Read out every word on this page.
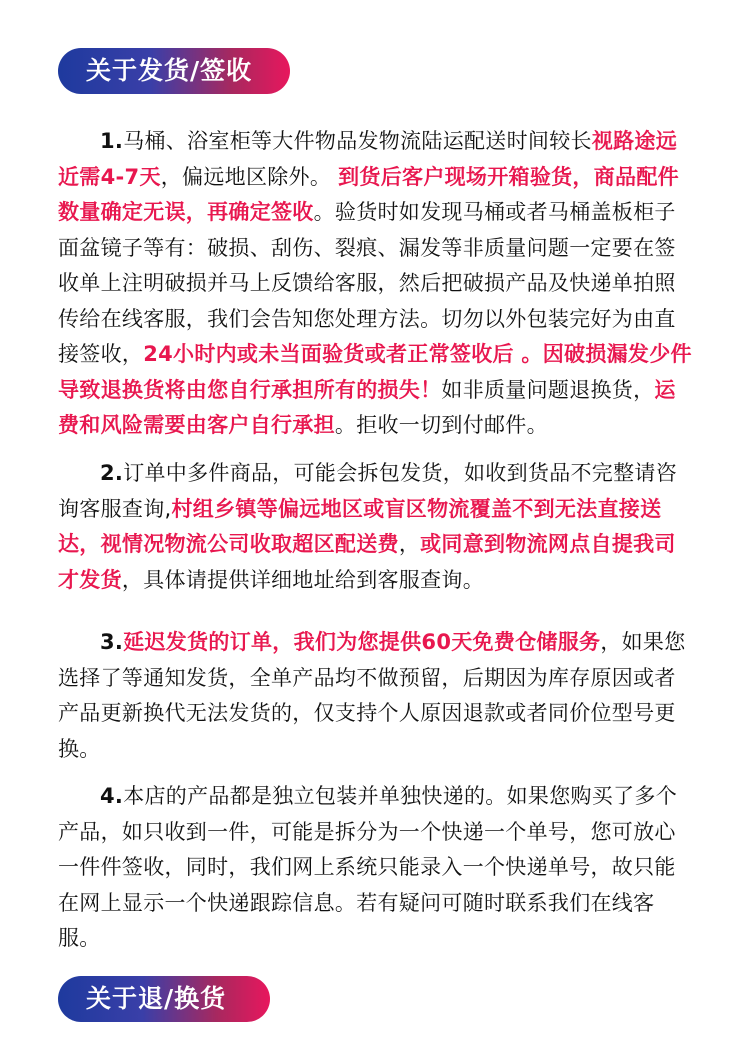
关于发货/签收

1.马桶、浴室柜等大件物品发物流陆运配送时间较长视路途远近需4-7天，偏远地区除外。 到货后客户现场开箱验货，商品配件数量确定无误，再确定签收。验货时如发现马桶或者马桶盖板柜子面盆镜子等有：破损、刮伤、裂痕、漏发等非质量问题一定要在签收单上注明破损并马上反馈给客服，然后把破损产品及快递单拍照传给在线客服，我们会告知您处理方法。切勿以外包装完好为由直接签收，24小时内或未当面验货或者正常签收后 。因破损漏发少件导致退换货将由您自行承担所有的损失！如非质量问题退换货，运费和风险需要由客户自行承担。拒收一切到付邮件。

2.订单中多件商品，可能会拆包发货，如收到货品不完整请咨询客服查询,村组乡镇等偏远地区或盲区物流覆盖不到无法直接送达，视情况物流公司收取超区配送费，或同意到物流网点自提我司才发货，具体请提供详细地址给到客服查询。

3.延迟发货的订单，我们为您提供60天免费仓储服务，如果您选择了等通知发货，全单产品均不做预留，后期因为库存原因或者产品更新换代无法发货的，仅支持个人原因退款或者同价位型号更换。

4.本店的产品都是独立包装并单独快递的。如果您购买了多个产品，如只收到一件，可能是拆分为一个快递一个单号，您可放心一件件签收，同时，我们网上系统只能录入一个快递单号，故只能在网上显示一个快递跟踪信息。若有疑问可随时联系我们在线客服。

关于退/换货
